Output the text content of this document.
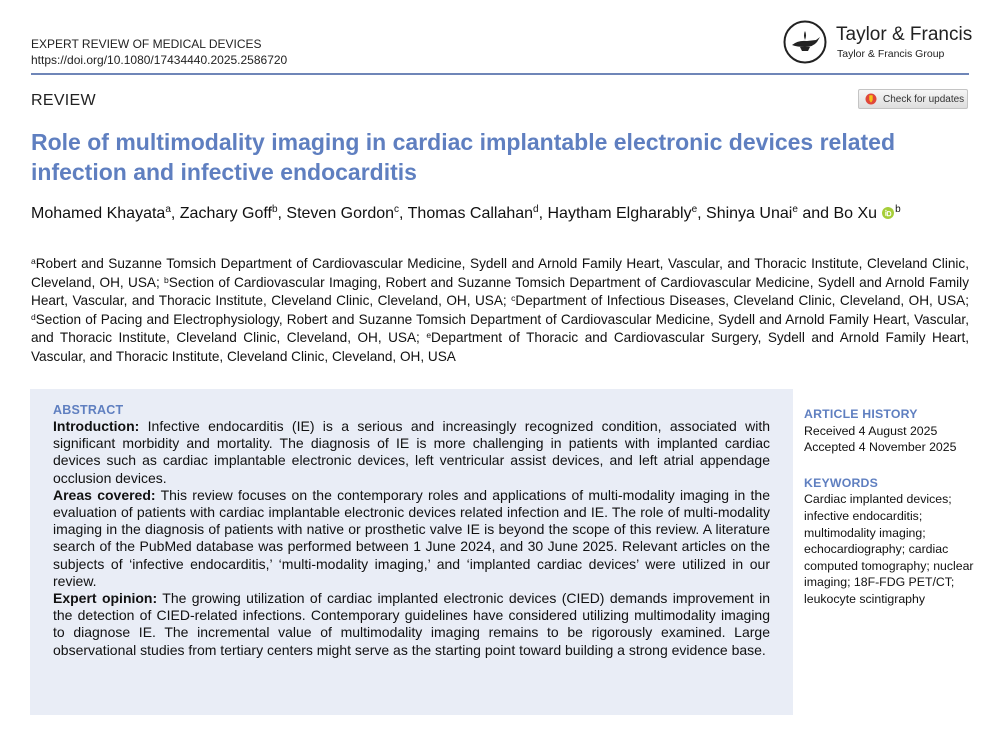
EXPERT REVIEW OF MEDICAL DEVICES
https://doi.org/10.1080/17434440.2025.2586720
Taylor & Francis
Taylor & Francis Group
REVIEW	Check for updates
Role of multimodality imaging in cardiac implantable electronic devices related infection and infective endocarditis
Mohamed Khayata$^a$, Zachary Goff$^b$, Steven Gordon$^c$, Thomas Callahan$^d$, Haytham Elgharably$^e$, Shinya Unai$^e$ and Bo Xu $^b$
$^a$Robert and Suzanne Tomsich Department of Cardiovascular Medicine, Sydell and Arnold Family Heart, Vascular, and Thoracic Institute, Cleveland Clinic, Cleveland, OH, USA; $^b$Section of Cardiovascular Imaging, Robert and Suzanne Tomsich Department of Cardiovascular Medicine, Sydell and Arnold Family Heart, Vascular, and Thoracic Institute, Cleveland Clinic, Cleveland, OH, USA; $^c$Department of Infectious Diseases, Cleveland Clinic, Cleveland, OH, USA; $^d$Section of Pacing and Electrophysiology, Robert and Suzanne Tomsich Department of Cardiovascular Medicine, Sydell and Arnold Family Heart, Vascular, and Thoracic Institute, Cleveland Clinic, Cleveland, OH, USA; $^e$Department of Thoracic and Cardiovascular Surgery, Sydell and Arnold Family Heart, Vascular, and Thoracic Institute, Cleveland Clinic, Cleveland, OH, USA
ABSTRACT

Introduction: Infective endocarditis (IE) is a serious and increasingly recognized condition, associated with significant morbidity and mortality. The diagnosis of IE is more challenging in patients with implanted cardiac devices such as cardiac implantable electronic devices, left ventricular assist devices, and left atrial appendage occlusion devices.

Areas covered: This review focuses on the contemporary roles and applications of multi-modality imaging in the evaluation of patients with cardiac implantable electronic devices related infection and IE. The role of multi-modality imaging in the diagnosis of patients with native or prosthetic valve IE is beyond the scope of this review. A literature search of the PubMed database was performed between 1 June 2024, and 30 June 2025. Relevant articles on the subjects of ‘infective endocarditis,’ ‘multi-modality imaging,’ and ‘implanted cardiac devices’ were utilized in our review.

Expert opinion: The growing utilization of cardiac implanted electronic devices (CIED) demands improvement in the detection of CIED-related infections. Contemporary guidelines have considered utilizing multimodality imaging to diagnose IE. The incremental value of multimodality imaging remains to be rigorously examined. Large observational studies from tertiary centers might serve as the starting point toward building a strong evidence base.

ARTICLE HISTORY
Received 4 August 2025
Accepted 4 November 2025
KEYWORDS
Cardiac implanted devices; infective endocarditis; multimodality imaging; echocardiography; cardiac computed tomography; nuclear imaging; 18F-FDG PET/CT; leukocyte scintigraphy
